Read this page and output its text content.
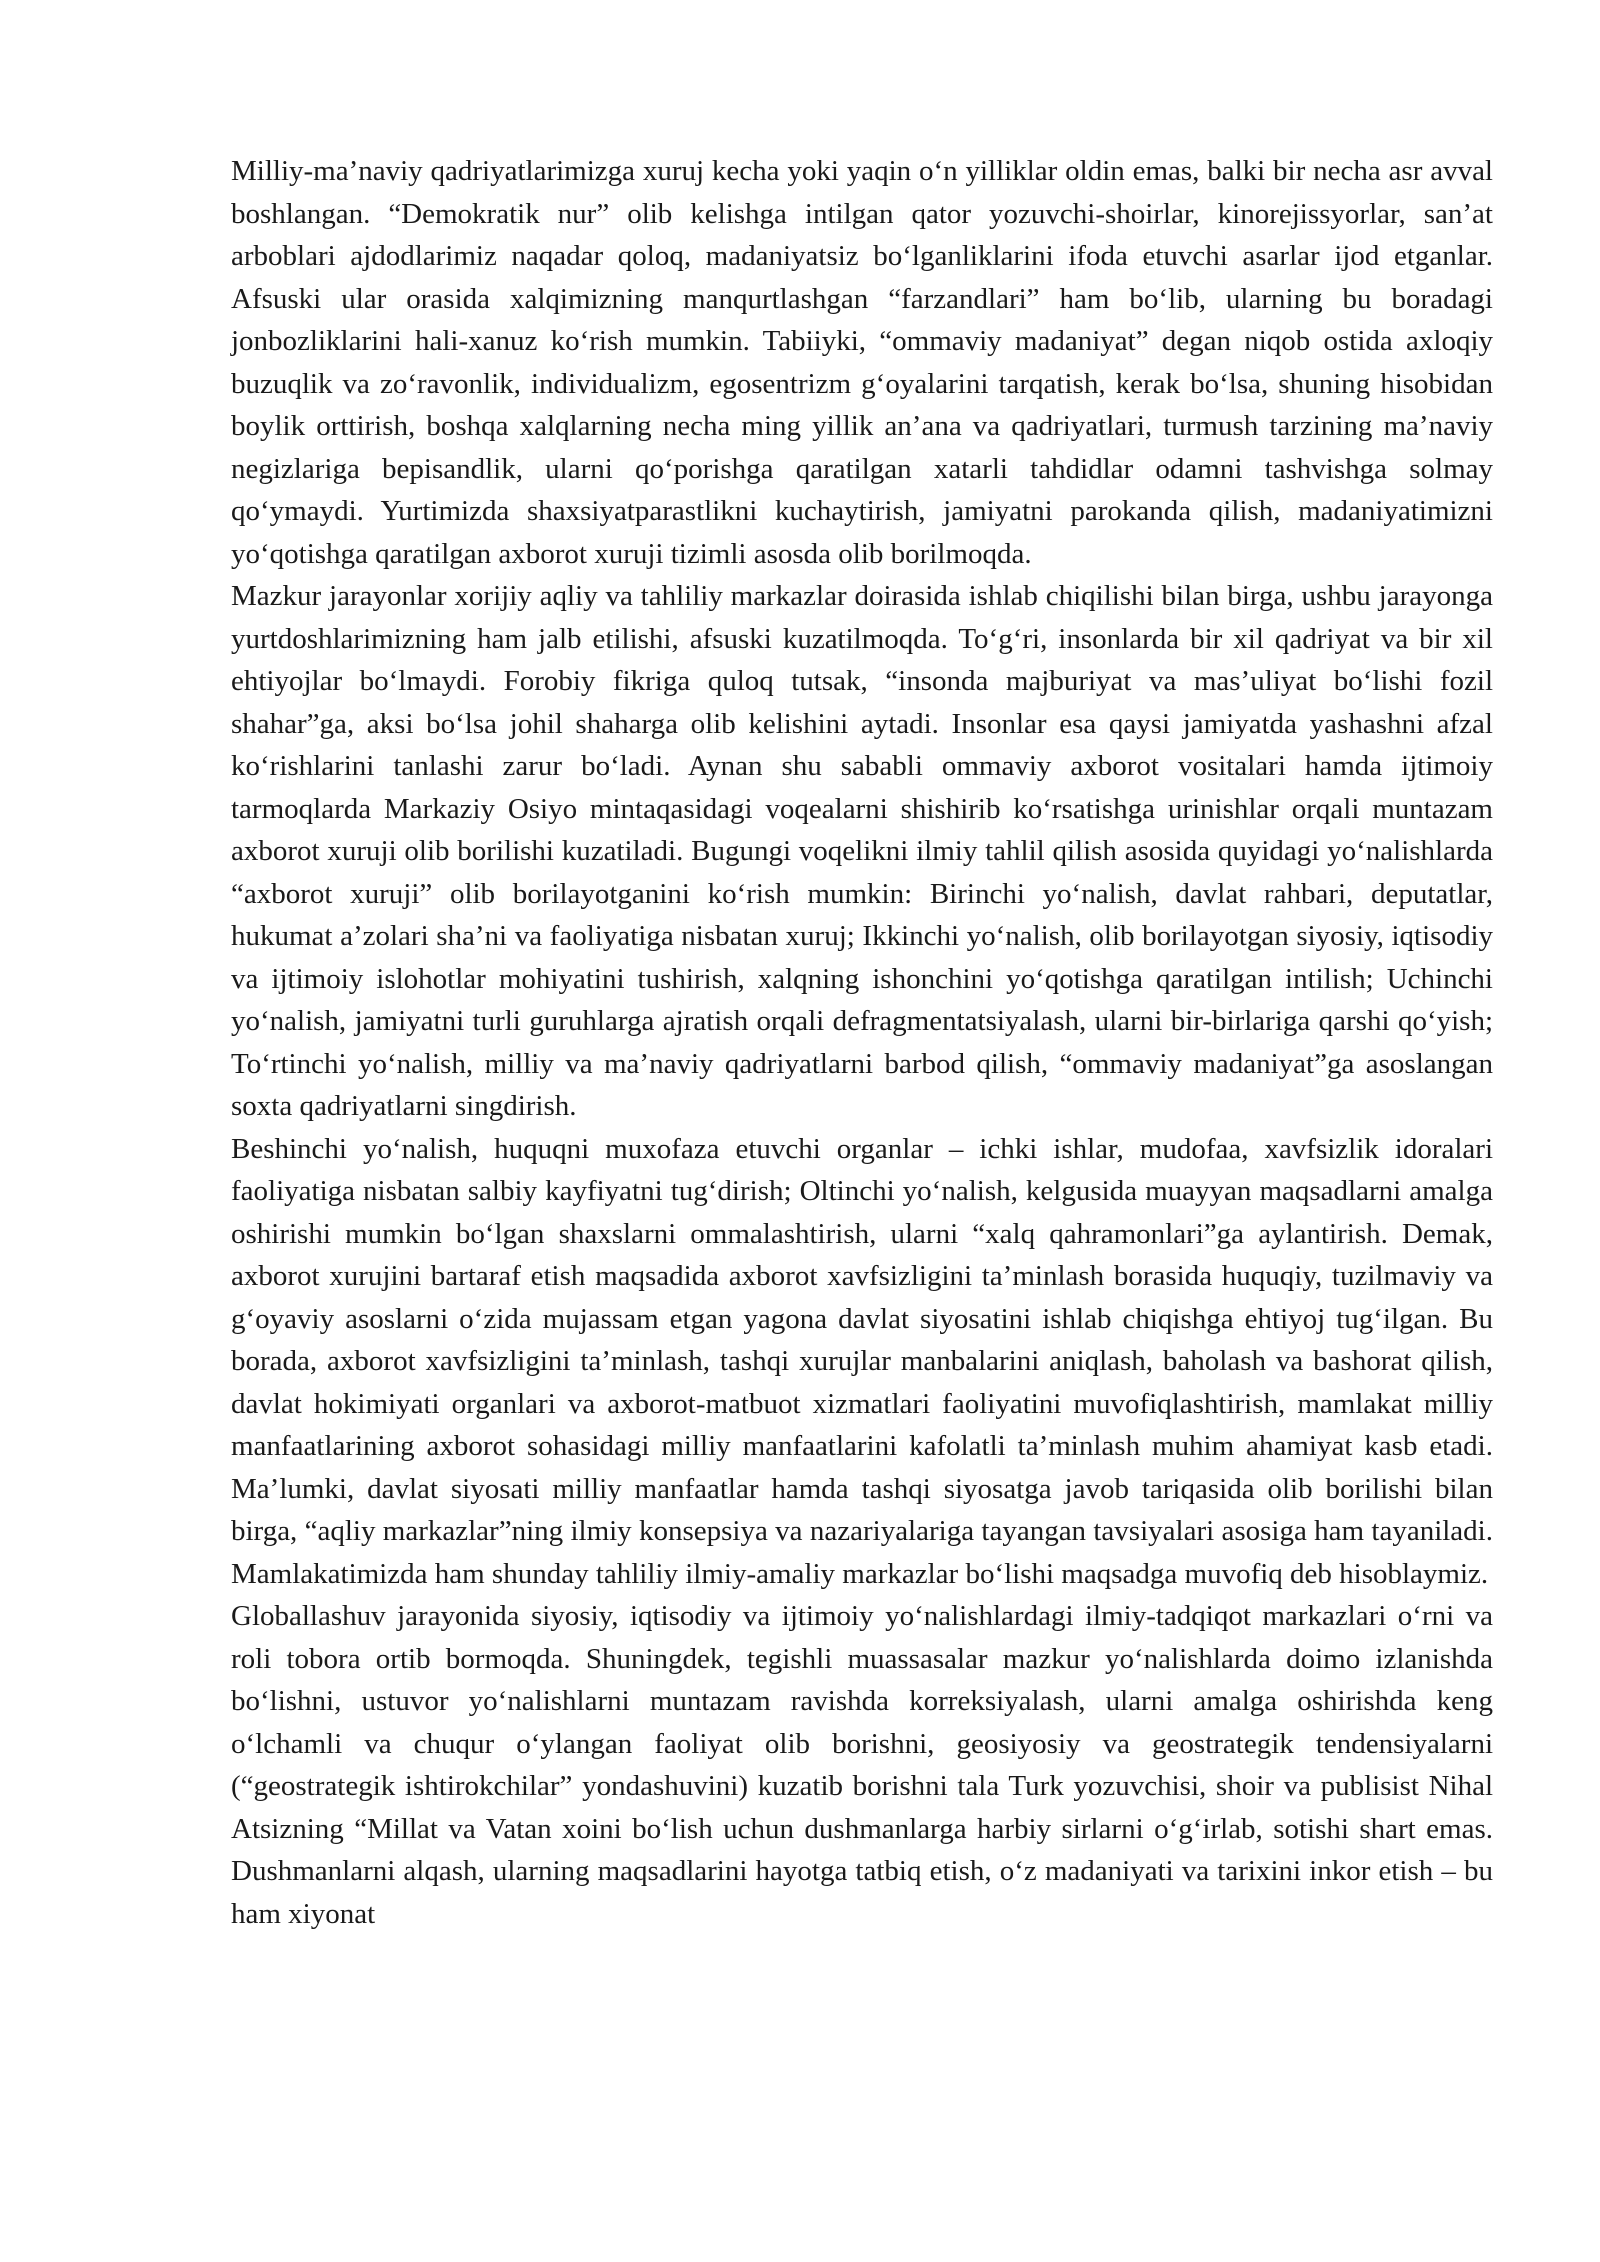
Milliy-ma’naviy qadriyatlarimizga xuruj kecha yoki yaqin o‘n yilliklar oldin emas, balki bir necha asr avval boshlangan. “Demokratik nur” olib kelishga intilgan qator yozuvchi-shoirlar, kinorejissyorlar, san’at arboblari ajdodlarimiz naqadar qoloq, madaniyatsiz bo‘lganliklarini ifoda etuvchi asarlar ijod etganlar. Afsuski ular orasida xalqimizning manqurtlashgan “farzandlari” ham bo‘lib, ularning bu boradagi jonbozliklarini hali-xanuz ko‘rish mumkin. Tabiiyki, “ommaviy madaniyat” degan niqob ostida axloqiy buzuqlik va zo‘ravonlik, individualizm, egosentrizm g‘oyalarini tarqatish, kerak bo‘lsa, shuning hisobidan boylik orttirish, boshqa xalqlarning necha ming yillik an’ana va qadriyatlari, turmush tarzining ma’naviy negizlariga bepisandlik, ularni qo‘porishga qaratilgan xatarli tahdidlar odamni tashvishga solmay qo‘ymaydi. Yurtimizda shaxsiyatparastlikni kuchaytirish, jamiyatni parokanda qilish, madaniyatimizni yo‘qotishga qaratilgan axborot xuruji tizimli asosda olib borilmoqda.

Mazkur jarayonlar xorijiy aqliy va tahliliy markazlar doirasida ishlab chiqilishi bilan birga, ushbu jarayonga yurtdoshlarimizning ham jalb etilishi, afsuski kuzatilmoqda. To‘g‘ri, insonlarda bir xil qadriyat va bir xil ehtiyojlar bo‘lmaydi. Forobiy fikriga quloq tutsak, “insonda majburiyat va mas’uliyat bo‘lishi fozil shahar”ga, aksi bo‘lsa johil shaharga olib kelishini aytadi. Insonlar esa qaysi jamiyatda yashashni afzal ko‘rishlarini tanlashi zarur bo‘ladi. Aynan shu sababli ommaviy axborot vositalari hamda ijtimoiy tarmoqlarda Markaziy Osiyo mintaqasidagi voqealarni shishirib ko‘rsatishga urinishlar orqali muntazam axborot xuruji olib borilishi kuzatiladi. Bugungi voqelikni ilmiy tahlil qilish asosida quyidagi yo‘nalishlarda “axborot xuruji” olib borilayotganini ko‘rish mumkin: Birinchi yo‘nalish, davlat rahbari, deputatlar, hukumat a’zolari sha’ni va faoliyatiga nisbatan xuruj; Ikkinchi yo‘nalish, olib borilayotgan siyosiy, iqtisodiy va ijtimoiy islohotlar mohiyatini tushirish, xalqning ishonchini yo‘qotishga qaratilgan intilish; Uchinchi yo‘nalish, jamiyatni turli guruhlarga ajratish orqali defragmentatsiyalash, ularni bir-birlariga qarshi qo‘yish; To‘rtinchi yo‘nalish, milliy va ma’naviy qadriyatlarni barbod qilish, “ommaviy madaniyat”ga asoslangan soxta qadriyatlarni singdirish.

Beshinchi yo‘nalish, huquqni muxofaza etuvchi organlar – ichki ishlar, mudofaa, xavfsizlik idoralari faoliyatiga nisbatan salbiy kayfiyatni tug‘dirish; Oltinchi yo‘nalish, kelgusida muayyan maqsadlarni amalga oshirishi mumkin bo‘lgan shaxslarni ommalashtirish, ularni “xalq qahramonlari”ga aylantirish. Demak, axborot xurujini bartaraf etish maqsadida axborot xavfsizligini ta’minlash borasida huquqiy, tuzilmaviy va g‘oyaviy asoslarni o‘zida mujassam etgan yagona davlat siyosatini ishlab chiqishga ehtiyoj tug‘ilgan. Bu borada, axborot xavfsizligini ta’minlash, tashqi xurujlar manbalarini aniqlash, baholash va bashorat qilish, davlat hokimiyati organlari va axborot-matbuot xizmatlari faoliyatini muvofiqlashtirish, mamlakat milliy manfaatlarining axborot sohasidagi milliy manfaatlarini kafolatli ta’minlash muhim ahamiyat kasb etadi. Ma’lumki, davlat siyosati milliy manfaatlar hamda tashqi siyosatga javob tariqasida olib borilishi bilan birga, “aqliy markazlar”ning ilmiy konsepsiya va nazariyalariga tayangan tavsiyalari asosiga ham tayaniladi. Mamlakatimizda ham shunday tahliliy ilmiy-amaliy markazlar bo‘lishi maqsadga muvofiq deb hisoblaymiz.

Globallashuv jarayonida siyosiy, iqtisodiy va ijtimoiy yo‘nalishlardagi ilmiy-tadqiqot markazlari o‘rni va roli tobora ortib bormoqda. Shuningdek, tegishli muassasalar mazkur yo‘nalishlarda doimo izlanishda bo‘lishni, ustuvor yo‘nalishlarni muntazam ravishda korreksiyalash, ularni amalga oshirishda keng o‘lchamli va chuqur o‘ylangan faoliyat olib borishni, geosiyosiy va geostrategik tendensiyalarni (“geostrategik ishtirokchilar” yondashuvini) kuzatib borishni tala Turk yozuvchisi, shoir va publisist Nihal Atsizning “Millat va Vatan xoini bo‘lish uchun dushmanlarga harbiy sirlarni o‘g‘irlab, sotishi shart emas. Dushmanlarni alqash, ularning maqsadlarini hayotga tatbiq etish, o‘z madaniyati va tarixini inkor etish – bu ham xiyonat
